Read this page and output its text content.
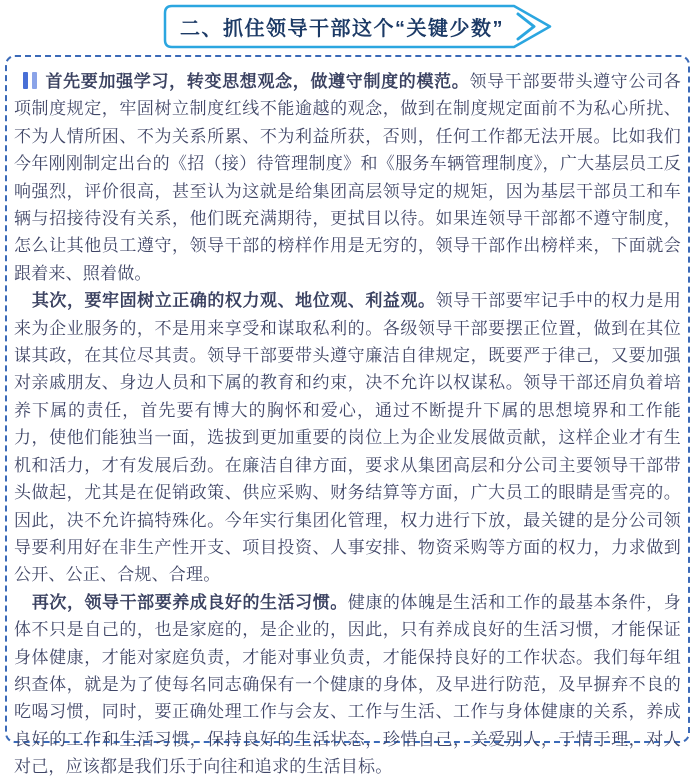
二、抓住领导干部这个“关键少数”

首先要加强学习，转变思想观念，做遵守制度的模范。领导干部要带头遵守公司各项制度规定，牢固树立制度红线不能逾越的观念，做到在制度规定面前不为私心所扰、不为人情所困、不为关系所累、不为利益所获，否则，任何工作都无法开展。比如我们今年刚刚制定出台的《招（接）待管理制度》和《服务车辆管理制度》，广大基层员工反响强烈，评价很高，甚至认为这就是给集团高层领导定的规矩，因为基层干部员工和车辆与招接待没有关系，他们既充满期待，更拭目以待。如果连领导干部都不遵守制度，怎么让其他员工遵守，领导干部的榜样作用是无穷的，领导干部作出榜样来，下面就会跟着来、照着做。

其次，要牢固树立正确的权力观、地位观、利益观。领导干部要牢记手中的权力是用来为企业服务的，不是用来享受和谋取私利的。各级领导干部要摆正位置，做到在其位谋其政，在其位尽其责。领导干部要带头遵守廉洁自律规定，既要严于律己，又要加强对亲戚朋友、身边人员和下属的教育和约束，决不允许以权谋私。领导干部还肩负着培养下属的责任，首先要有博大的胸怀和爱心，通过不断提升下属的思想境界和工作能力，使他们能独当一面，选拔到更加重要的岗位上为企业发展做贡献，这样企业才有生机和活力，才有发展后劲。在廉洁自律方面，要求从集团高层和分公司主要领导干部带头做起，尤其是在促销政策、供应采购、财务结算等方面，广大员工的眼睛是雪亮的。因此，决不允许搞特殊化。今年实行集团化管理，权力进行下放，最关键的是分公司领导要利用好在非生产性开支、项目投资、人事安排、物资采购等方面的权力，力求做到公开、公正、合规、合理。

再次，领导干部要养成良好的生活习惯。健康的体魄是生活和工作的最基本条件，身体不只是自己的，也是家庭的，是企业的，因此，只有养成良好的生活习惯，才能保证身体健康，才能对家庭负责，才能对事业负责，才能保持良好的工作状态。我们每年组织查体，就是为了使每名同志确保有一个健康的身体，及早进行防范，及早摒弃不良的吃喝习惯，同时，要正确处理工作与会友、工作与生活、工作与身体健康的关系，养成良好的工作和生活习惯，保持良好的生活状态，珍惜自己，关爱别人，于情于理，对人对己，应该都是我们乐于向往和追求的生活目标。
